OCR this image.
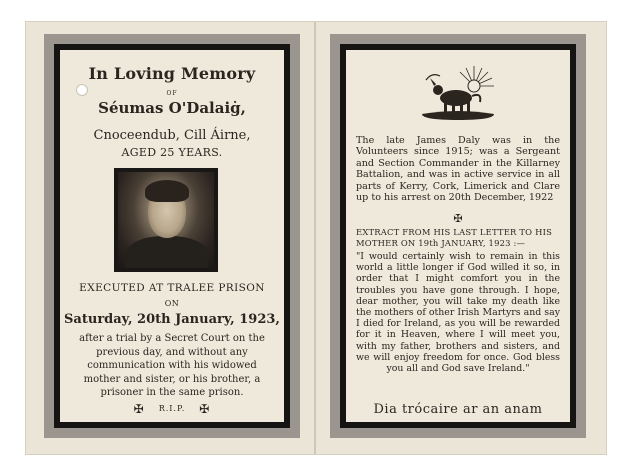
In Loving Memory
OF
Séumas O'Dalaiġ,
Cnoceendub, Cill Áirne,
AGED 25 YEARS.
EXECUTED AT TRALEE PRISON
ON
Saturday, 20th January, 1923,
after a trial by a Secret Court on the previous day, and without any communication with his widowed mother and sister, or his brother, a prisoner in the same prison.
✠ R.I.P. ✠
The late James Daly was in the Volunteers since 1915; was a Sergeant and Section Commander in the Killarney Battalion, and was in active service in all parts of Kerry, Cork, Limerick and Clare up to his arrest on 20th December, 1922
✠
EXTRACT FROM HIS LAST LETTER TO HIS MOTHER ON 19th JANUARY, 1923 :—
"I would certainly wish to remain in this world a little longer if God willed it so, in order that I might comfort you in the troubles you have gone through. I hope, dear mother, you will take my death like the mothers of other Irish Martyrs and say I died for Ireland, as you will be rewarded for it in Heaven, where I will meet you, with my father, brothers and sisters, and we will enjoy freedom for once. God bless you all and God save Ireland."
Dia trócaire ar an anam
